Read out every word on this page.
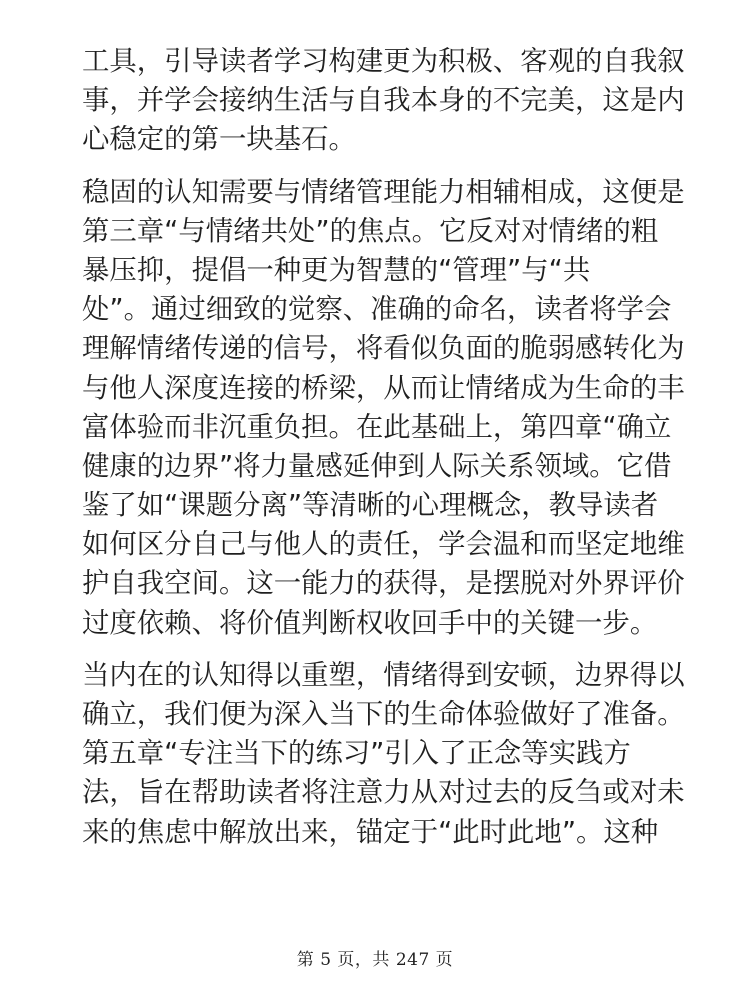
工具，引导读者学习构建更为积极、客观的自我叙
事，并学会接纳生活与自我本身的不完美，这是内
心稳定的第一块基石。

稳固的认知需要与情绪管理能力相辅相成，这便是
第三章“与情绪共处”的焦点。它反对对情绪的粗
暴压抑，提倡一种更为智慧的“管理”与“共
处”。通过细致的觉察、准确的命名，读者将学会
理解情绪传递的信号，将看似负面的脆弱感转化为
与他人深度连接的桥梁，从而让情绪成为生命的丰
富体验而非沉重负担。在此基础上，第四章“确立
健康的边界”将力量感延伸到人际关系领域。它借
鉴了如“课题分离”等清晰的心理概念，教导读者
如何区分自己与他人的责任，学会温和而坚定地维
护自我空间。这一能力的获得，是摆脱对外界评价
过度依赖、将价值判断权收回手中的关键一步。

当内在的认知得以重塑，情绪得到安顿，边界得以
确立，我们便为深入当下的生命体验做好了准备。
第五章“专注当下的练习”引入了正念等实践方
法，旨在帮助读者将注意力从对过去的反刍或对未
来的焦虑中解放出来，锚定于“此时此地”。这种

第 5 页，共 247 页
